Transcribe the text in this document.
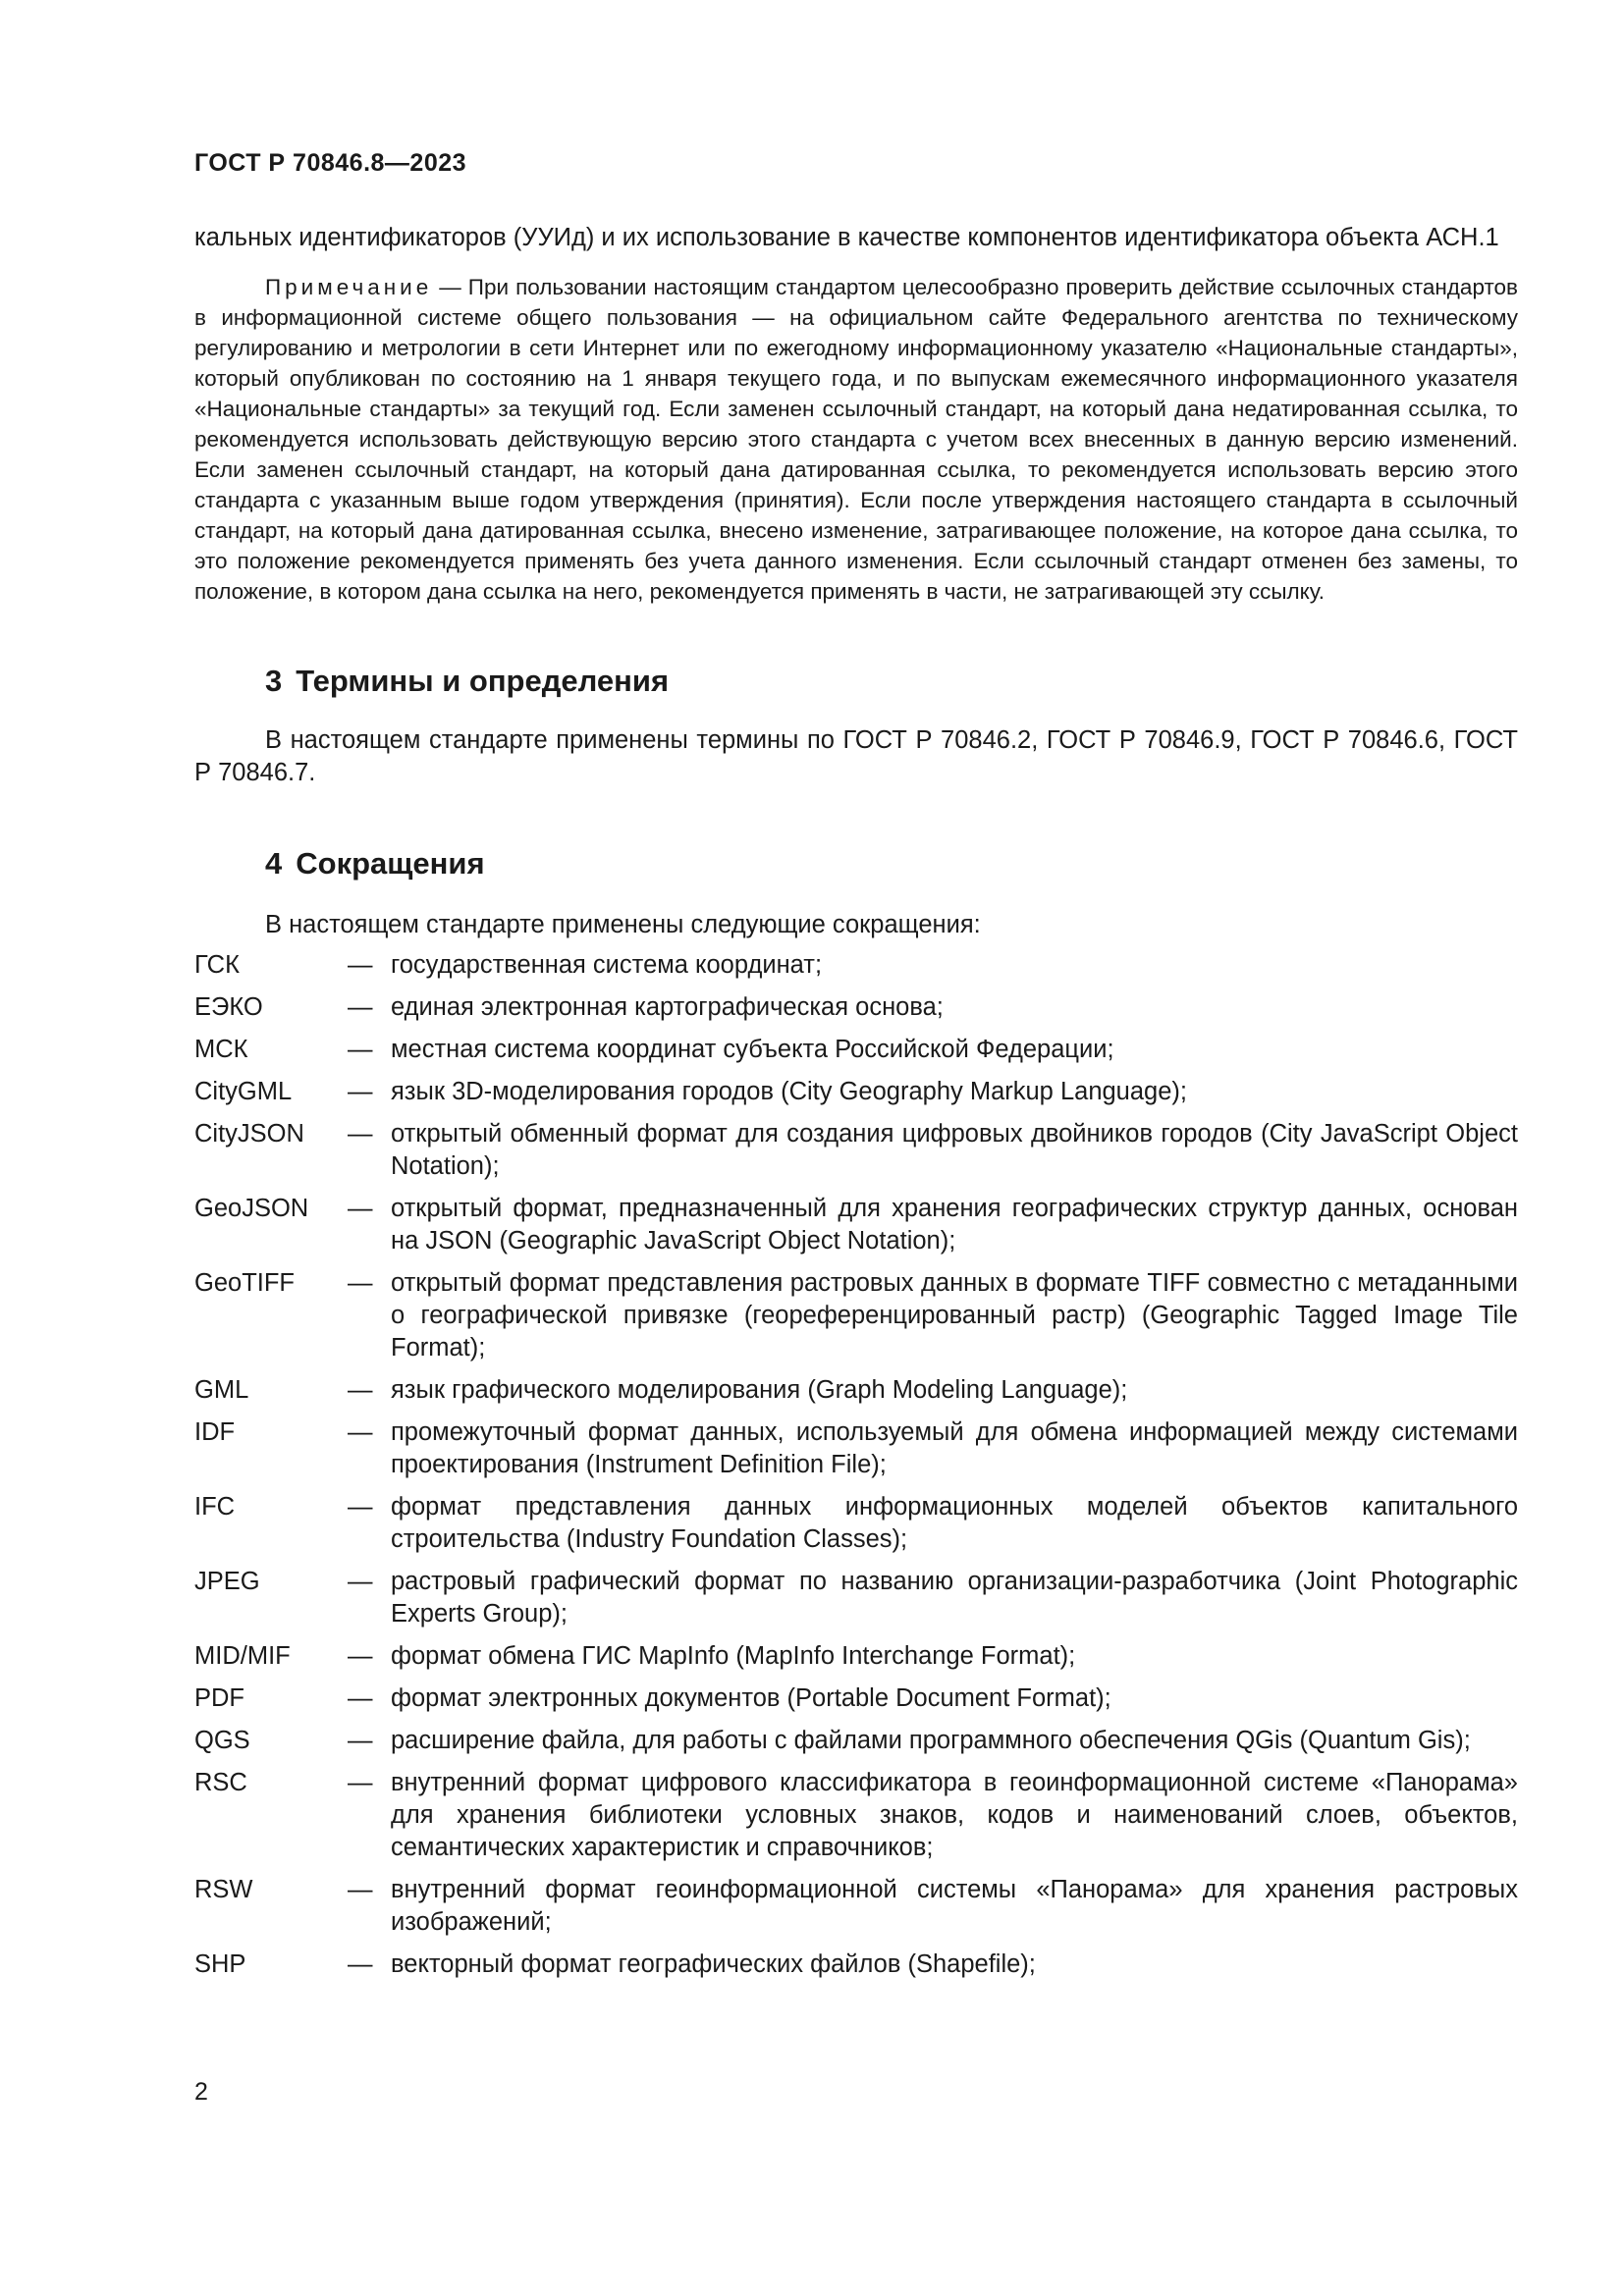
ГОСТ Р 70846.8—2023

кальных идентификаторов (УУИд) и их использование в качестве компонентов идентификатора объекта АСН.1

Примечание — При пользовании настоящим стандартом целесообразно проверить действие ссылочных стандартов в информационной системе общего пользования — на официальном сайте Федерального агентства по техническому регулированию и метрологии в сети Интернет или по ежегодному информационному указателю «Национальные стандарты», который опубликован по состоянию на 1 января текущего года, и по выпускам ежемесячного информационного указателя «Национальные стандарты» за текущий год. Если заменен ссылочный стандарт, на который дана недатированная ссылка, то рекомендуется использовать действующую версию этого стандарта с учетом всех внесенных в данную версию изменений. Если заменен ссылочный стандарт, на который дана датированная ссылка, то рекомендуется использовать версию этого стандарта с указанным выше годом утверждения (принятия). Если после утверждения настоящего стандарта в ссылочный стандарт, на который дана датированная ссылка, внесено изменение, затрагивающее положение, на которое дана ссылка, то это положение рекомендуется применять без учета данного изменения. Если ссылочный стандарт отменен без замены, то положение, в котором дана ссылка на него, рекомендуется применять в части, не затрагивающей эту ссылку.

3 Термины и определения

В настоящем стандарте применены термины по ГОСТ Р 70846.2, ГОСТ Р 70846.9, ГОСТ Р 70846.6, ГОСТ Р 70846.7.

4 Сокращения

В настоящем стандарте применены следующие сокращения:

ГСК	— государственная система координат;
ЕЭКО	— единая электронная картографическая основа;
МСК	— местная система координат субъекта Российской Федерации;
CityGML	— язык 3D-моделирования городов (City Geography Markup Language);
CityJSON	— открытый обменный формат для создания цифровых двойников городов (City JavaScript Object Notation);
GeoJSON	— открытый формат, предназначенный для хранения географических структур данных, основан на JSON (Geographic JavaScript Object Notation);
GeoTIFF	— открытый формат представления растровых данных в формате TIFF совместно с метаданными о географической привязке (геореференцированный растр) (Geographic Tagged Image Tile Format);
GML	— язык графического моделирования (Graph Modeling Language);
IDF	— промежуточный формат данных, используемый для обмена информацией между системами проектирования (Instrument Definition File);
IFC	— формат представления данных информационных моделей объектов капитального строительства (Industry Foundation Classes);
JPEG	— растровый графический формат по названию организации-разработчика (Joint Photographic Experts Group);
MID/MIF	— формат обмена ГИС MapInfo (MapInfo Interchange Format);
PDF	— формат электронных документов (Portable Document Format);
QGS	— расширение файла, для работы с файлами программного обеспечения QGis (Quantum Gis);
RSC	— внутренний формат цифрового классификатора в геоинформационной системе «Панорама» для хранения библиотеки условных знаков, кодов и наименований слоев, объектов, семантических характеристик и справочников;
RSW	— внутренний формат геоинформационной системы «Панорама» для хранения растровых изображений;
SHP	— векторный формат географических файлов (Shapefile);
2
